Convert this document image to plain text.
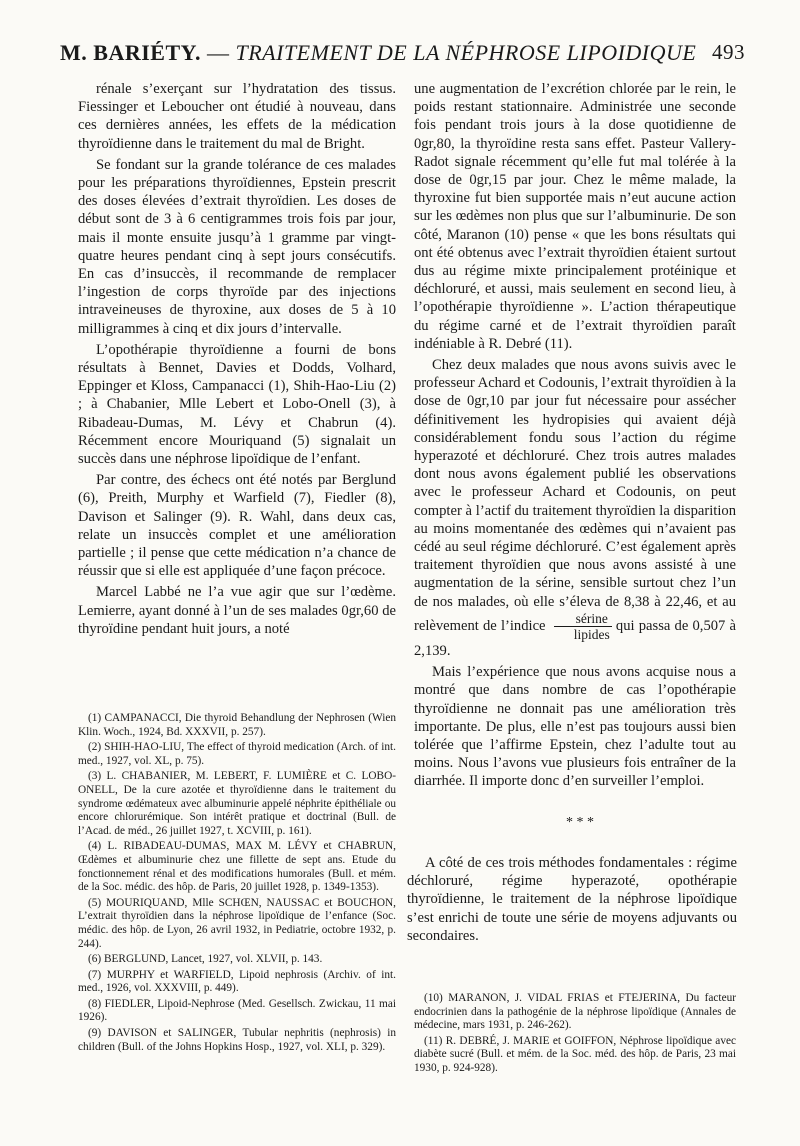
M. BARIÉTY. — TRAITEMENT DE LA NÉPHROSE LIPOIDIQUE 493

rénale s’exerçant sur l’hydratation des tissus. Fiessinger et Leboucher ont étudié à nouveau, dans ces dernières années, les effets de la médication thyroïdienne dans le traitement du mal de Bright.

Se fondant sur la grande tolérance de ces malades pour les préparations thyroïdiennes, Epstein prescrit des doses élevées d’extrait thyroïdien. Les doses de début sont de 3 à 6 centigrammes trois fois par jour, mais il monte ensuite jusqu’à 1 gramme par vingt-quatre heures pendant cinq à sept jours consécutifs. En cas d’insuccès, il recommande de remplacer l’ingestion de corps thyroïde par des injections intraveineuses de thyroxine, aux doses de 5 à 10 milligrammes à cinq et dix jours d’intervalle.

L’opothérapie thyroïdienne a fourni de bons résultats à Bennet, Davies et Dodds, Volhard, Eppinger et Kloss, Campanacci (1), Shih-Hao-Liu (2) ; à Chabanier, Mlle Lebert et Lobo-Onell (3), à Ribadeau-Dumas, M. Lévy et Chabrun (4). Récemment encore Mouriquand (5) signalait un succès dans une néphrose lipoïdique de l’enfant.

Par contre, des échecs ont été notés par Berglund (6), Preith, Murphy et Warfield (7), Fiedler (8), Davison et Salinger (9). R. Wahl, dans deux cas, relate un insuccès complet et une amélioration partielle ; il pense que cette médication n’a chance de réussir que si elle est appliquée d’une façon précoce.

Marcel Labbé ne l’a vue agir que sur l’œdème. Lemierre, ayant donné à l’un de ses malades 0gr,60 de thyroïdine pendant huit jours, a noté

(1) CAMPANACCI, Die thyroid Behandlung der Nephrosen (Wien Klin. Woch., 1924, Bd. XXXVII, p. 257).

(2) SHIH-HAO-LIU, The effect of thyroid medication (Arch. of int. med., 1927, vol. XL, p. 75).

(3) L. CHABANIER, M. LEBERT, F. LUMIÈRE et C. LOBO-ONELL, De la cure azotée et thyroïdienne dans le traitement du syndrome œdémateux avec albuminurie appelé néphrite épithéliale ou encore chlorurémique. Son intérêt pratique et doctrinal (Bull. de l’Acad. de méd., 26 juillet 1927, t. XCVIII, p. 161).

(4) L. RIBADEAU-DUMAS, MAX M. LÉVY et CHABRUN, Œdèmes et albuminurie chez une fillette de sept ans. Etude du fonctionnement rénal et des modifications humorales (Bull. et mém. de la Soc. médic. des hôp. de Paris, 20 juillet 1928, p. 1349-1353).

(5) MOURIQUAND, Mlle SCHŒN, NAUSSAC et BOUCHON, L’extrait thyroïdien dans la néphrose lipoïdique de l’enfance (Soc. médic. des hôp. de Lyon, 26 avril 1932, in Pediatrie, octobre 1932, p. 244).

(6) BERGLUND, Lancet, 1927, vol. XLVII, p. 143.

(7) MURPHY et WARFIELD, Lipoid nephrosis (Archiv. of int. med., 1926, vol. XXXVIII, p. 449).

(8) FIEDLER, Lipoid-Nephrose (Med. Gesellsch. Zwickau, 11 mai 1926).

(9) DAVISON et SALINGER, Tubular nephritis (nephrosis) in children (Bull. of the Johns Hopkins Hosp., 1927, vol. XLI, p. 329).

une augmentation de l’excrétion chlorée par le rein, le poids restant stationnaire. Administrée une seconde fois pendant trois jours à la dose quotidienne de 0gr,80, la thyroïdine resta sans effet. Pasteur Vallery-Radot signale récemment qu’elle fut mal tolérée à la dose de 0gr,15 par jour. Chez le même malade, la thyroxine fut bien supportée mais n’eut aucune action sur les œdèmes non plus que sur l’albuminurie. De son côté, Maranon (10) pense « que les bons résultats qui ont été obtenus avec l’extrait thyroïdien étaient surtout dus au régime mixte principalement protéinique et déchloruré, et aussi, mais seulement en second lieu, à l’opothérapie thyroïdienne ». L’action thérapeutique du régime carné et de l’extrait thyroïdien paraît indéniable à R. Debré (11).

Chez deux malades que nous avons suivis avec le professeur Achard et Codounis, l’extrait thyroïdien à la dose de 0gr,10 par jour fut nécessaire pour assécher définitivement les hydropisies qui avaient déjà considérablement fondu sous l’action du régime hyperazoté et déchloruré. Chez trois autres malades dont nous avons également publié les observations avec le professeur Achard et Codounis, on peut compter à l’actif du traitement thyroïdien la disparition au moins momentanée des œdèmes qui n’avaient pas cédé au seul régime déchloruré. C’est également après traitement thyroïdien que nous avons assisté à une augmentation de la sérine, sensible surtout chez l’un de nos malades, où elle s’éleva de 8,38 à 22,46, et au relèvement de l’indice $\frac{\text{sérine}}{\text{lipides}}$ qui passa de 0,507 à 2,139.

Mais l’expérience que nous avons acquise nous a montré que dans nombre de cas l’opothérapie thyroïdienne ne donnait pas une amélioration très importante. De plus, elle n’est pas toujours aussi bien tolérée que l’affirme Epstein, chez l’adulte tout au moins. Nous l’avons vue plusieurs fois entraîner de la diarrhée. Il importe donc d’en surveiller l’emploi.

* * *

A côté de ces trois méthodes fondamentales : régime déchloruré, régime hyperazoté, opothérapie thyroïdienne, le traitement de la néphrose lipoïdique s’est enrichi de toute une série de moyens adjuvants ou secondaires.

(10) MARANON, J. VIDAL FRIAS et FTEJERINA, Du facteur endocrinien dans la pathogénie de la néphrose lipoïdique (Annales de médecine, mars 1931, p. 246-262).

(11) R. DEBRÉ, J. MARIE et GOIFFON, Néphrose lipoïdique avec diabète sucré (Bull. et mém. de la Soc. méd. des hôp. de Paris, 23 mai 1930, p. 924-928).
